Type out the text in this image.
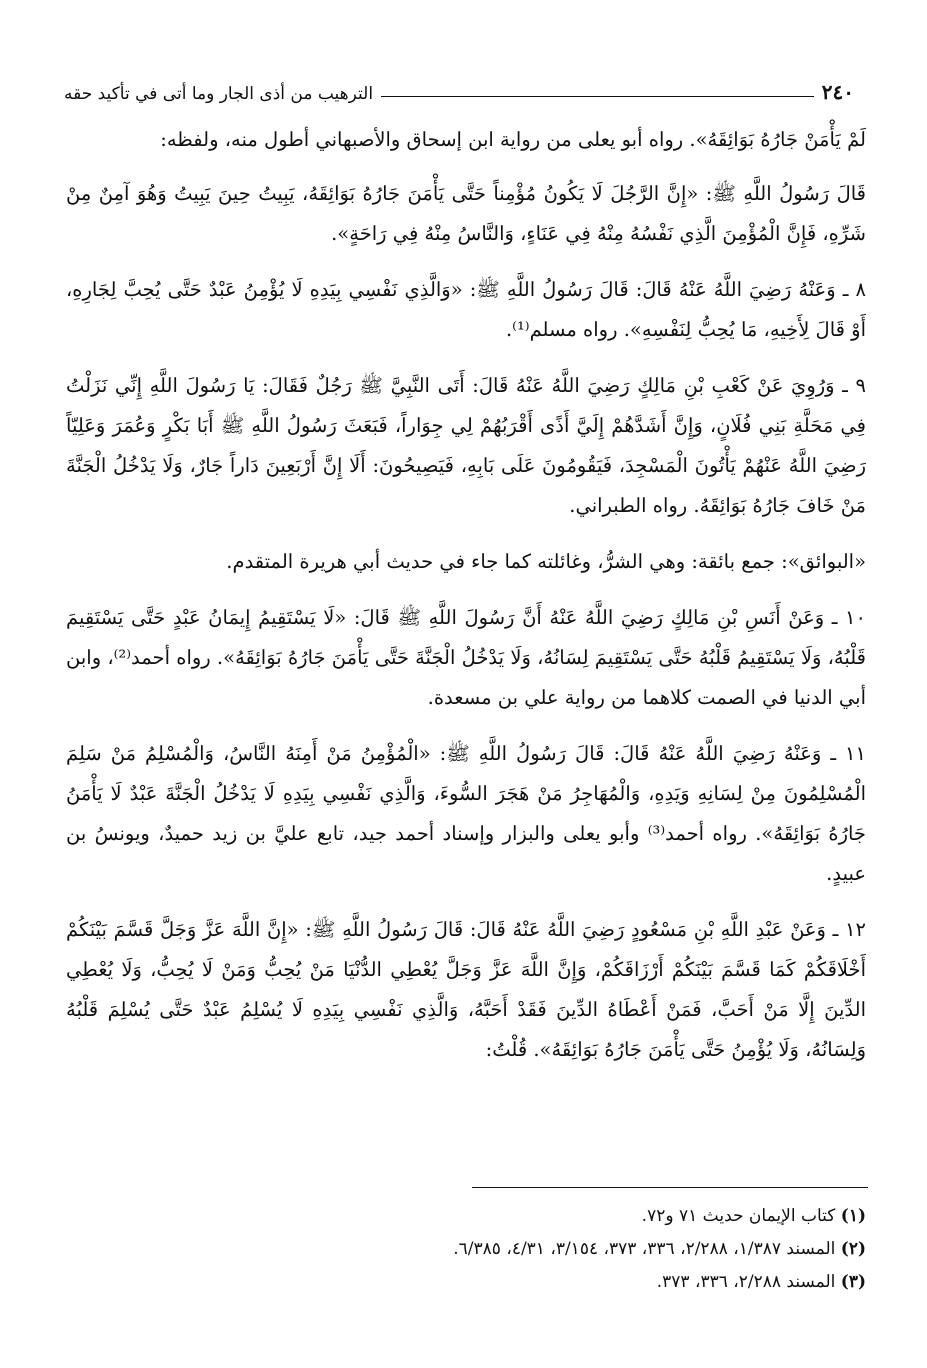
٢٤٠
الترهيب من أذى الجار وما أتى في تأكيد حقه

لَمْ يَأْمَنْ جَارُهُ بَوَائِقَهُ». رواه أبو يعلى من رواية ابن إسحاق والأصبهاني أطول منه، ولفظه:

قَالَ رَسُولُ اللَّهِ ﷺ: «إِنَّ الرَّجُلَ لَا يَكُونُ مُؤْمِناً حَتَّى يَأْمَنَ جَارُهُ بَوَائِقَهُ، يَبِيتُ حِينَ يَبِيتُ وَهُوَ آمِنٌ مِنْ شَرِّهِ، فَإِنَّ الْمُؤْمِنَ الَّذِي نَفْسُهُ مِنْهُ فِي عَنَاءٍ، وَالنَّاسُ مِنْهُ فِي رَاحَةٍ».

٨ ـ وَعَنْهُ رَضِيَ اللَّهُ عَنْهُ قَالَ: قَالَ رَسُولُ اللَّهِ ﷺ: «وَالَّذِي نَفْسِي بِيَدِهِ لَا يُؤْمِنُ عَبْدٌ حَتَّى يُحِبَّ لِجَارِهِ، أَوْ قَالَ لِأَخِيهِ، مَا يُحِبُّ لِنَفْسِهِ». رواه مسلم⁽¹⁾.

٩ ـ وَرُوِيَ عَنْ كَعْبِ بْنِ مَالِكٍ رَضِيَ اللَّهُ عَنْهُ قَالَ: أَتَى النَّبِيَّ ﷺ رَجُلٌ فَقَالَ: يَا رَسُولَ اللَّهِ إِنِّي نَزَلْتُ فِي مَحَلَّةِ بَنِي فُلَانٍ، وَإِنَّ أَشَدَّهُمْ إِلَيَّ أَذًى أَقْرَبُهُمْ لِي جِوَاراً، فَبَعَثَ رَسُولُ اللَّهِ ﷺ أَبَا بَكْرٍ وَعُمَرَ وَعَلِيّاً رَضِيَ اللَّهُ عَنْهُمْ يَأْتُونَ الْمَسْجِدَ، فَيَقُومُونَ عَلَى بَابِهِ، فَيَصِيحُونَ: أَلَا إِنَّ أَرْبَعِينَ دَاراً جَارٌ، وَلَا يَدْخُلُ الْجَنَّةَ مَنْ خَافَ جَارُهُ بَوَائِقَهُ. رواه الطبراني.

«البوائق»: جمع بائقة: وهي الشرُّ، وغائلته كما جاء في حديث أبي هريرة المتقدم.

١٠ ـ وَعَنْ أَنَسِ بْنِ مَالِكٍ رَضِيَ اللَّهُ عَنْهُ أَنَّ رَسُولَ اللَّهِ ﷺ قَالَ: «لَا يَسْتَقِيمُ إِيمَانُ عَبْدٍ حَتَّى يَسْتَقِيمَ قَلْبُهُ، وَلَا يَسْتَقِيمُ قَلْبُهُ حَتَّى يَسْتَقِيمَ لِسَانُهُ، وَلَا يَدْخُلُ الْجَنَّةَ حَتَّى يَأْمَنَ جَارُهُ بَوَائِقَهُ». رواه أحمد⁽²⁾، وابن أبي الدنيا في الصمت كلاهما من رواية علي بن مسعدة.

١١ ـ وَعَنْهُ رَضِيَ اللَّهُ عَنْهُ قَالَ: قَالَ رَسُولُ اللَّهِ ﷺ: «الْمُؤْمِنُ مَنْ أَمِنَهُ النَّاسُ، وَالْمُسْلِمُ مَنْ سَلِمَ الْمُسْلِمُونَ مِنْ لِسَانِهِ وَيَدِهِ، وَالْمُهَاجِرُ مَنْ هَجَرَ السُّوءَ، وَالَّذِي نَفْسِي بِيَدِهِ لَا يَدْخُلُ الْجَنَّةَ عَبْدٌ لَا يَأْمَنُ جَارُهُ بَوَائِقَهُ». رواه أحمد⁽³⁾ وأبو يعلى والبزار وإسناد أحمد جيد، تابع عليَّ بن زيد حميدٌ، ويونسُ بن عبيدٍ.

١٢ ـ وَعَنْ عَبْدِ اللَّهِ بْنِ مَسْعُودٍ رَضِيَ اللَّهُ عَنْهُ قَالَ: قَالَ رَسُولُ اللَّهِ ﷺ: «إِنَّ اللَّهَ عَزَّ وَجَلَّ قَسَّمَ بَيْنَكُمْ أَخْلَاقَكُمْ كَمَا قَسَّمَ بَيْنَكُمْ أَرْزَاقَكُمْ، وَإِنَّ اللَّهَ عَزَّ وَجَلَّ يُعْطِي الدُّنْيَا مَنْ يُحِبُّ وَمَنْ لَا يُحِبُّ، وَلَا يُعْطِي الدِّينَ إِلَّا مَنْ أَحَبَّ، فَمَنْ أَعْطَاهُ الدِّينَ فَقَدْ أَحَبَّهُ، وَالَّذِي نَفْسِي بِيَدِهِ لَا يُسْلِمُ عَبْدٌ حَتَّى يُسْلِمَ قَلْبُهُ وَلِسَانُهُ، وَلَا يُؤْمِنُ حَتَّى يَأْمَنَ جَارُهُ بَوَائِقَهُ». قُلْتُ:

(١) كتاب الإيمان حديث ٧١ و٧٢.

(٢) المسند ١/٣٨٧، ٢/٢٨٨، ٣٣٦، ٣٧٣، ٣/١٥٤، ٤/٣١، ٦/٣٨٥.

(٣) المسند ٢/٢٨٨، ٣٣٦، ٣٧٣.
